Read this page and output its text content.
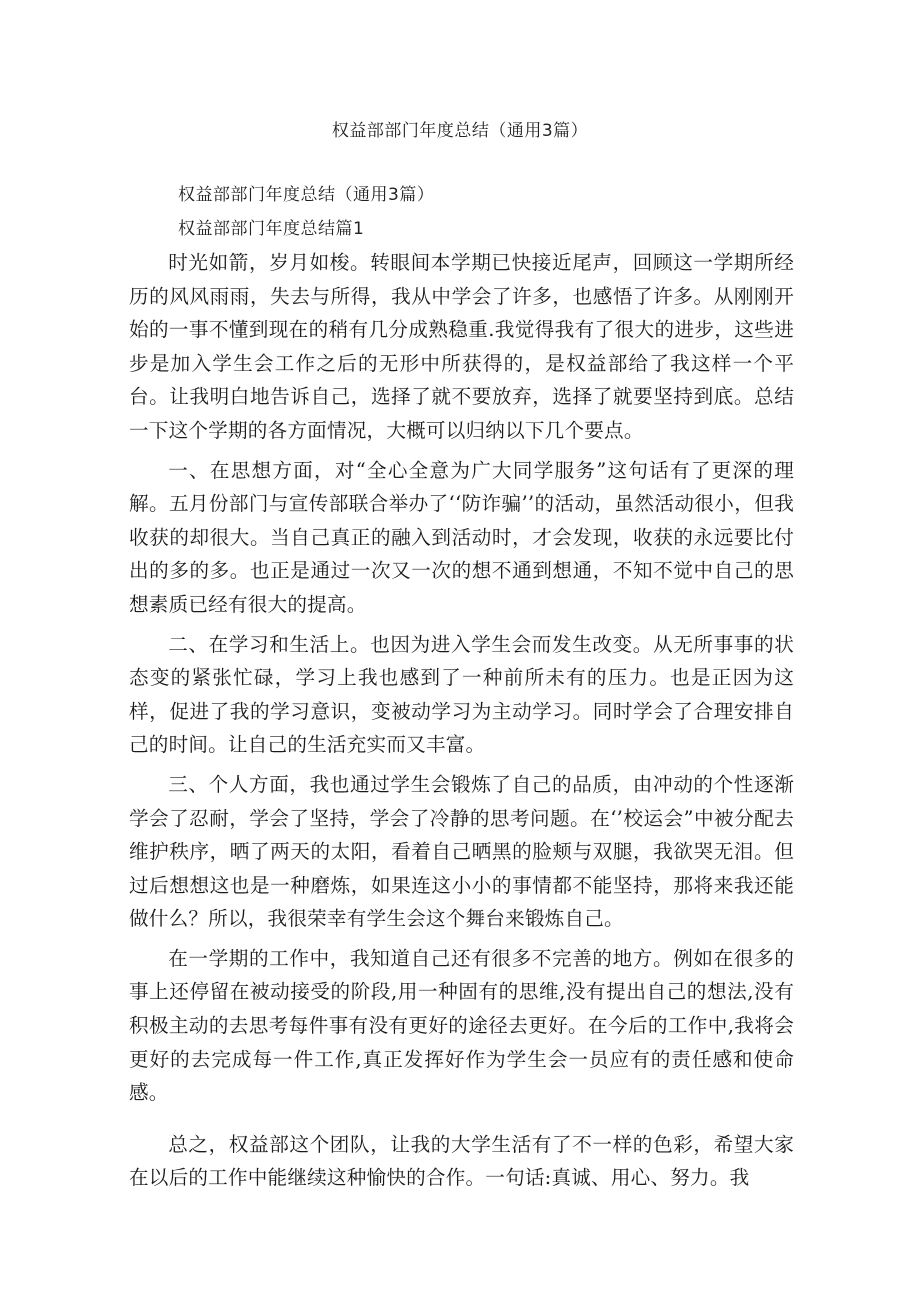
权益部部门年度总结（通用3篇）
权益部部门年度总结（通用3篇）
权益部部门年度总结篇1

时光如箭，岁月如梭。转眼间本学期已快接近尾声，回顾这一学期所经历的风风雨雨，失去与所得，我从中学会了许多，也感悟了许多。从刚刚开始的一事不懂到现在的稍有几分成熟稳重.我觉得我有了很大的进步，这些进步是加入学生会工作之后的无形中所获得的，是权益部给了我这样一个平台。让我明白地告诉自己，选择了就不要放弃，选择了就要坚持到底。总结一下这个学期的各方面情况，大概可以归纳以下几个要点。

一、在思想方面，对“全心全意为广大同学服务”这句话有了更深的理解。五月份部门与宣传部联合举办了‘‘防诈骗’’的活动，虽然活动很小，但我收获的却很大。当自己真正的融入到活动时，才会发现，收获的永远要比付出的多的多。也正是通过一次又一次的想不通到想通，不知不觉中自己的思想素质已经有很大的提高。

二、在学习和生活上。也因为进入学生会而发生改变。从无所事事的状态变的紧张忙碌，学习上我也感到了一种前所未有的压力。也是正因为这样，促进了我的学习意识，变被动学习为主动学习。同时学会了合理安排自己的时间。让自己的生活充实而又丰富。

三、个人方面，我也通过学生会锻炼了自己的品质，由冲动的个性逐渐学会了忍耐，学会了坚持，学会了冷静的思考问题。在‘’校运会”中被分配去维护秩序，晒了两天的太阳，看着自己晒黑的脸颊与双腿，我欲哭无泪。但过后想想这也是一种磨炼，如果连这小小的事情都不能坚持，那将来我还能做什么？所以，我很荣幸有学生会这个舞台来锻炼自己。

在一学期的工作中，我知道自己还有很多不完善的地方。例如在很多的事上还停留在被动接受的阶段,用一种固有的思维,没有提出自己的想法,没有积极主动的去思考每件事有没有更好的途径去更好。在今后的工作中,我将会更好的去完成每一件工作,真正发挥好作为学生会一员应有的责任感和使命感。

总之，权益部这个团队，让我的大学生活有了不一样的色彩，希望大家在以后的工作中能继续这种愉快的合作。一句话:真诚、用心、努力。我
